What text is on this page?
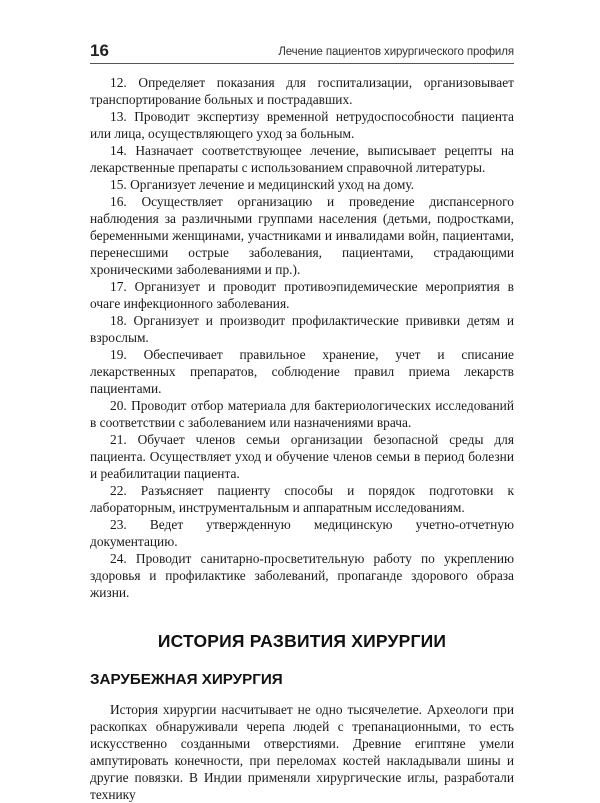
16	Лечение пациентов хирургического профиля

12. Определяет показания для госпитализации, организовывает транспортирование больных и пострадавших.

13. Проводит экспертизу временной нетрудоспособности пациента или лица, осуществляющего уход за больным.

14. Назначает соответствующее лечение, выписывает рецепты на лекарственные препараты с использованием справочной литературы.

15. Организует лечение и медицинский уход на дому.

16. Осуществляет организацию и проведение диспансерного наблюдения за различными группами населения (детьми, подростками, беременными женщинами, участниками и инвалидами войн, пациентами, перенесшими острые заболевания, пациентами, страдающими хроническими заболеваниями и пр.).

17. Организует и проводит противоэпидемические мероприятия в очаге инфекционного заболевания.

18. Организует и производит профилактические прививки детям и взрослым.

19. Обеспечивает правильное хранение, учет и списание лекарственных препаратов, соблюдение правил приема лекарств пациентами.

20. Проводит отбор материала для бактериологических исследований в соответствии с заболеванием или назначениями врача.

21. Обучает членов семьи организации безопасной среды для пациента. Осуществляет уход и обучение членов семьи в период болезни и реабилитации пациента.

22. Разъясняет пациенту способы и порядок подготовки к лабораторным, инструментальным и аппаратным исследованиям.

23. Ведет утвержденную медицинскую учетно-отчетную документацию.

24. Проводит санитарно-просветительную работу по укреплению здоровья и профилактике заболеваний, пропаганде здорового образа жизни.

ИСТОРИЯ РАЗВИТИЯ ХИРУРГИИ
ЗАРУБЕЖНАЯ ХИРУРГИЯ

История хирургии насчитывает не одно тысячелетие. Археологи при раскопках обнаруживали черепа людей с трепанационными, то есть искусственно созданными отверстиями. Древние египтяне умели ампутировать конечности, при переломах костей накладывали шины и другие повязки. В Индии применяли хирургические иглы, разработали технику
